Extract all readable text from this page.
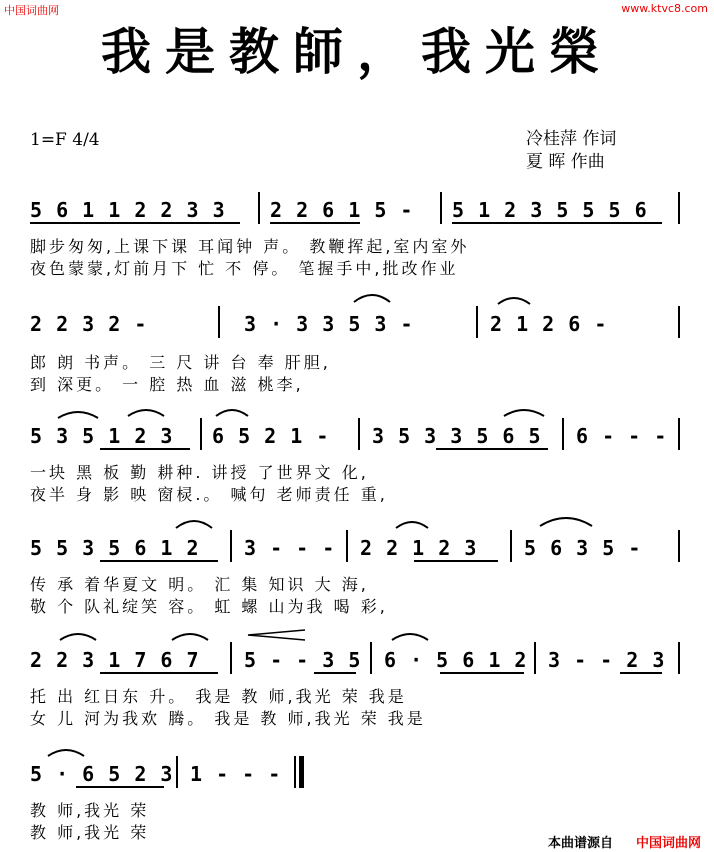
中国词曲网	www.ktvc8.com
我是教師，我光榮
1=F 4/4	冷桂萍 作词
夏 晖 作曲
5 6 1 1 2 2 3 3 2 2 6 1 5 - 5 1 2 3 5 5 5 6
脚步匆匆,上课下课 耳闻钟 声。 教鞭挥起,室内室外
夜色蒙蒙,灯前月下 忙 不 停。 笔握手中,批改作业
2 2 3 2 -	3 · 3 3 5 3 -	2 1 2 6 -
郎 朗 书声。 三 尺 讲 台 奉 肝胆,
到 深更。 一 腔 热 血 滋 桃李,
5 3 5 1 2 3 6 5 2 1 - 3 5 3 3 5 6 5 6 - - -
一块 黑 板 勤 耕种. 讲授 了世界文 化,
夜半 身 影 映 窗棂.。 喊句 老师责任 重,
5 5 3 5 6 1 2 3 - - - 2 2 1 2 3 5 6 3 5 -
传 承 着华夏文 明。 汇 集 知识 大 海,
敬 个 队礼绽笑 容。 虹 螺 山为我 喝 彩,
2 2 3 1 7 6 7 5 - - 3 5 6 · 5 6 1 2 3 - - 2 3
托 出 红日东 升。 我是 教 师,我光 荣 我是
女 儿 河为我欢 腾。 我是 教 师,我光 荣 我是
5 · 6 5 2 3 1 - - -
教 师,我光 荣
教 师,我光 荣
本曲谱源自 中国词曲网
